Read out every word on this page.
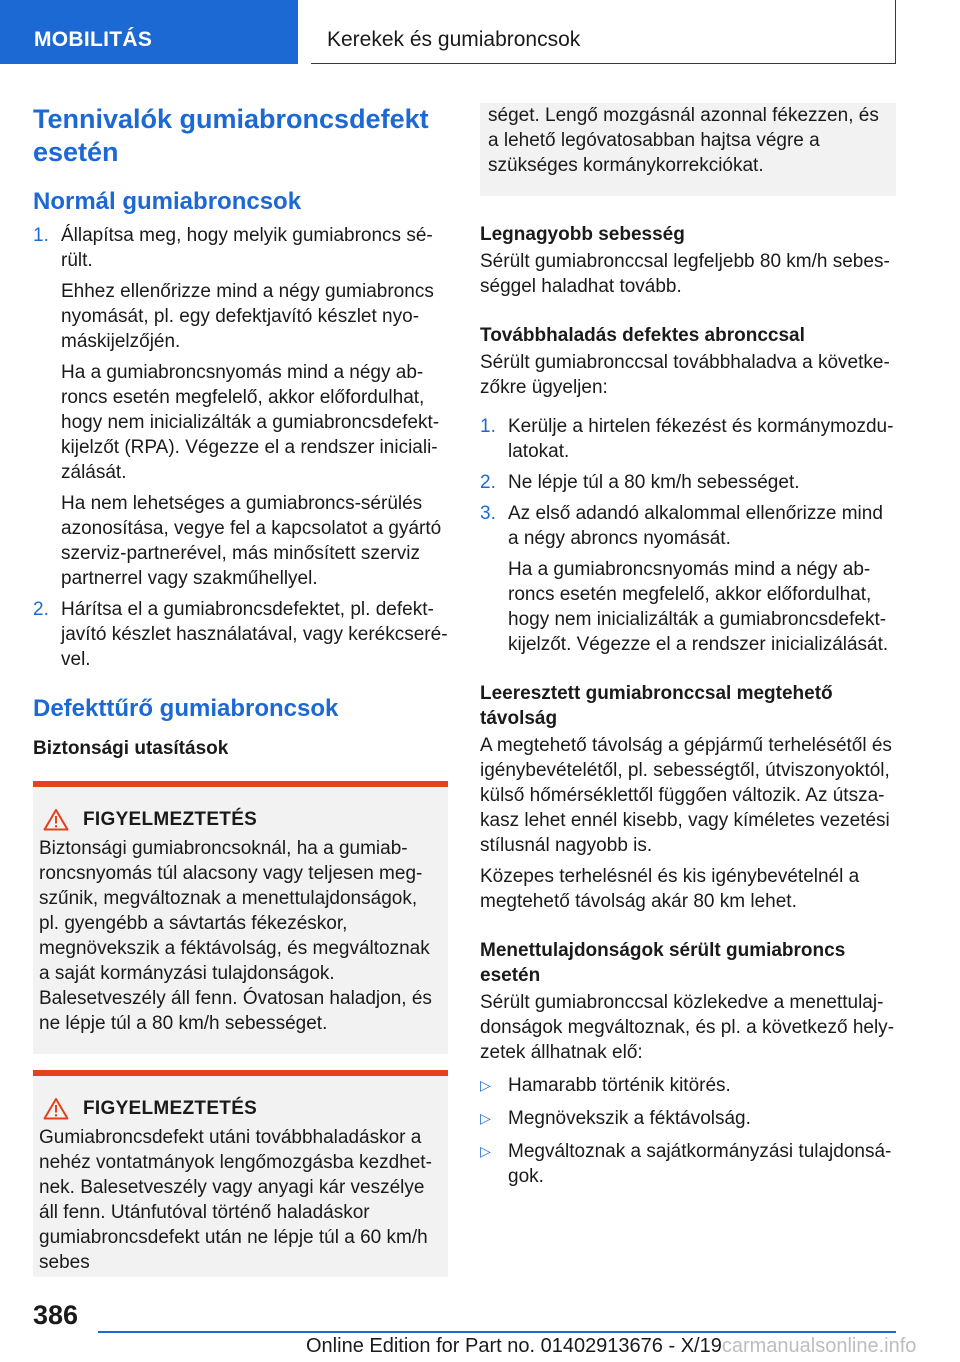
MOBILITÁS	Kerekek és gumiabroncsok
Tennivalók gumiabroncsdefekt esetén
Normál gumiabroncsok
1. Állapítsa meg, hogy melyik gumiabroncs sérült.

Ehhez ellenőrizze mind a négy gumiabroncs nyomását, pl. egy defektjavító készlet nyomáskijelzőjén.

Ha a gumiabroncsnyomás mind a négy abroncs esetén megfelelő, akkor előfordulhat, hogy nem inicializálták a gumiabroncsdefektkijelzőt (RPA). Végezze el a rendszer inicializálását.

Ha nem lehetséges a gumiabroncs-sérülés azonosítása, vegye fel a kapcsolatot a gyártó szerviz-partnerével, más minősített szerviz partnerrel vagy szakműhellyel.

2. Hárítsa el a gumiabroncsdefektet, pl. defektjavító készlet használatával, vagy kerékcserével.

Defekttűrő gumiabroncsok
Biztonsági utasítások
FIGYELMEZTETÉS

Biztonsági gumiabroncsoknál, ha a gumiabroncsnyomás túl alacsony vagy teljesen megszűnik, megváltoznak a menettulajdonságok, pl. gyengébb a sávtartás fékezéskor, megnövekszik a féktávolság, és megváltoznak a saját kormányzási tulajdonságok. Balesetveszély áll fenn. Óvatosan haladjon, és ne lépje túl a 80 km/h sebességet.

FIGYELMEZTETÉS

Gumiabroncsdefekt utáni továbbhaladáskor a nehéz vontatmányok lengőmozgásba kezdhetnek. Balesetveszély vagy anyagi kár veszélye áll fenn. Utánfutóval történő haladáskor gumiabroncsdefekt után ne lépje túl a 60 km/h sebes

séget. Lengő mozgásnál azonnal fékezzen, és a lehető legóvatosabban hajtsa végre a szükséges kormánykorrekciókat.

Legnagyobb sebesség

Sérült gumiabronccsal legfeljebb 80 km/h sebességgel haladhat tovább.

Továbbhaladás defektes abronccsal

Sérült gumiabronccsal továbbhaladva a következőkre ügyeljen:

1. Kerülje a hirtelen fékezést és kormánymozdulatokat.

2. Ne lépje túl a 80 km/h sebességet.

3. Az első adandó alkalommal ellenőrizze mind a négy abroncs nyomását.

Ha a gumiabroncsnyomás mind a négy abroncs esetén megfelelő, akkor előfordulhat, hogy nem inicializálták a gumiabroncsdefektkijelzőt. Végezze el a rendszer inicializálását.

Leeresztett gumiabronccsal megtehető távolság

A megtehető távolság a gépjármű terhelésétől és igénybevételétől, pl. sebességtől, útviszonyoktól, külső hőmérséklettől függően változik. Az útszakasz lehet ennél kisebb, vagy kíméletes vezetési stílusnál nagyobb is.

Közepes terhelésnél és kis igénybevételnél a megtehető távolság akár 80 km lehet.

Menettulajdonságok sérült gumiabroncs esetén

Sérült gumiabronccsal közlekedve a menettulajdonságok megváltoznak, és pl. a következő helyzetek állhatnak elő:

▷ Hamarabb történik kitörés.
▷ Megnövekszik a féktávolság.
▷ Megváltoznak a sajátkormányzási tulajdonságok.
386
Online Edition for Part no. 01402913676 - X/19carmanualsonline.info
